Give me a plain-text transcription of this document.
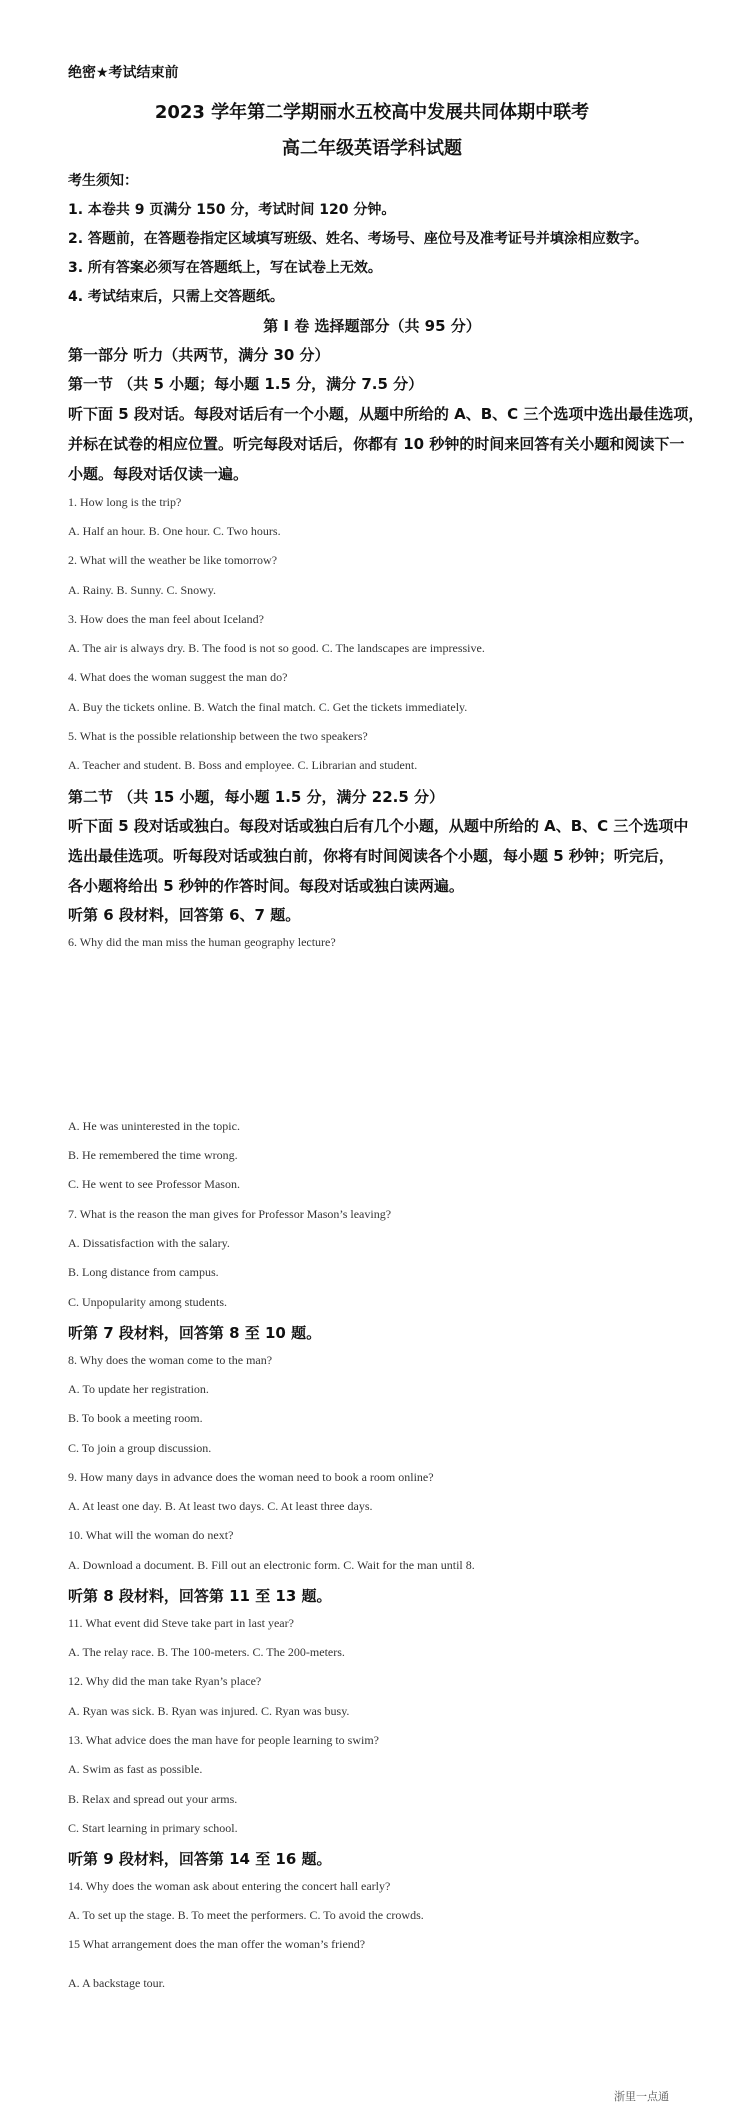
绝密★考试结束前
2023 学年第二学期丽水五校高中发展共同体期中联考
高二年级英语学科试题
考生须知：
1. 本卷共 9 页满分 150 分，考试时间 120 分钟。
2. 答题前，在答题卷指定区域填写班级、姓名、考场号、座位号及准考证号并填涂相应数字。
3. 所有答案必须写在答题纸上，写在试卷上无效。
4. 考试结束后，只需上交答题纸。
第 I 卷 选择题部分（共 95 分）
第一部分 听力（共两节，满分 30 分）
第一节 （共 5 小题；每小题 1.5 分，满分 7.5 分）
听下面 5 段对话。每段对话后有一个小题，从题中所给的 A、B、C 三个选项中选出最佳选项，
并标在试卷的相应位置。听完每段对话后，你都有 10 秒钟的时间来回答有关小题和阅读下一
小题。每段对话仅读一遍。
1. How long is the trip?
A. Half an hour. B. One hour. C. Two hours.
2. What will the weather be like tomorrow?
A. Rainy. B. Sunny. C. Snowy.
3. How does the man feel about Iceland?
A. The air is always dry. B. The food is not so good. C. The landscapes are impressive.
4. What does the woman suggest the man do?
A. Buy the tickets online. B. Watch the final match. C. Get the tickets immediately.
5. What is the possible relationship between the two speakers?
A. Teacher and student. B. Boss and employee. C. Librarian and student.
第二节 （共 15 小题，每小题 1.5 分，满分 22.5 分）
听下面 5 段对话或独白。每段对话或独白后有几个小题，从题中所给的 A、B、C 三个选项中
选出最佳选项。听每段对话或独白前，你将有时间阅读各个小题，每小题 5 秒钟；听完后，
各小题将给出 5 秒钟的作答时间。每段对话或独白读两遍。
听第 6 段材料，回答第 6、7 题。
6. Why did the man miss the human geography lecture?
A. He was uninterested in the topic.
B. He remembered the time wrong.
C. He went to see Professor Mason.
7. What is the reason the man gives for Professor Mason’s leaving?
A. Dissatisfaction with the salary.
B. Long distance from campus.
C. Unpopularity among students.
听第 7 段材料，回答第 8 至 10 题。
8. Why does the woman come to the man?
A. To update her registration.
B. To book a meeting room.
C. To join a group discussion.
9. How many days in advance does the woman need to book a room online?
A. At least one day. B. At least two days. C. At least three days.
10. What will the woman do next?
A. Download a document. B. Fill out an electronic form. C. Wait for the man until 8.
听第 8 段材料，回答第 11 至 13 题。
11. What event did Steve take part in last year?
A. The relay race. B. The 100-meters. C. The 200-meters.
12. Why did the man take Ryan’s place?
A. Ryan was sick. B. Ryan was injured. C. Ryan was busy.
13. What advice does the man have for people learning to swim?
A. Swim as fast as possible.
B. Relax and spread out your arms.
C. Start learning in primary school.
听第 9 段材料，回答第 14 至 16 题。
14. Why does the woman ask about entering the concert hall early?
A. To set up the stage. B. To meet the performers. C. To avoid the crowds.
15 What arrangement does the man offer the woman’s friend?
A. A backstage tour.
浙里一点通
